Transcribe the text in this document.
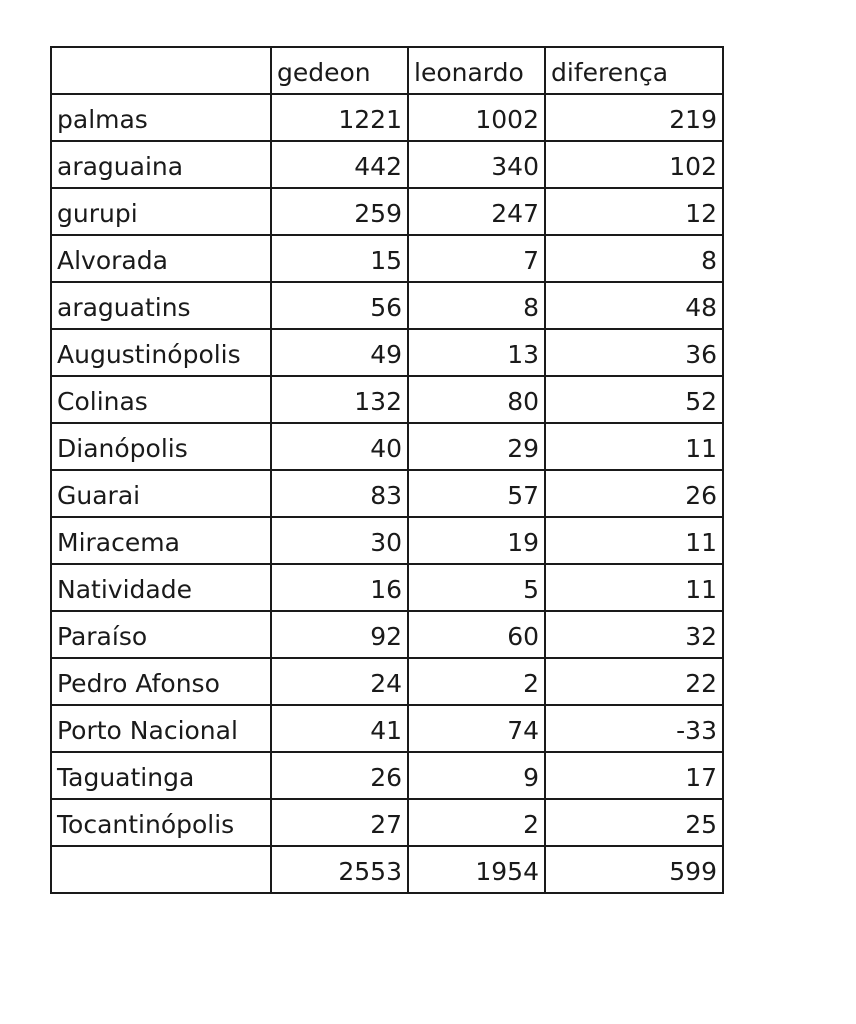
	gedeon	leonardo	diferença
palmas	1221	1002	219
araguaina	442	340	102
gurupi	259	247	12
Alvorada	15	7	8
araguatins	56	8	48
Augustinópolis	49	13	36
Colinas	132	80	52
Dianópolis	40	29	11
Guarai	83	57	26
Miracema	30	19	11
Natividade	16	5	11
Paraíso	92	60	32
Pedro Afonso	24	2	22
Porto Nacional	41	74	-33
Taguatinga	26	9	17
Tocantinópolis	27	2	25
	2553	1954	599
